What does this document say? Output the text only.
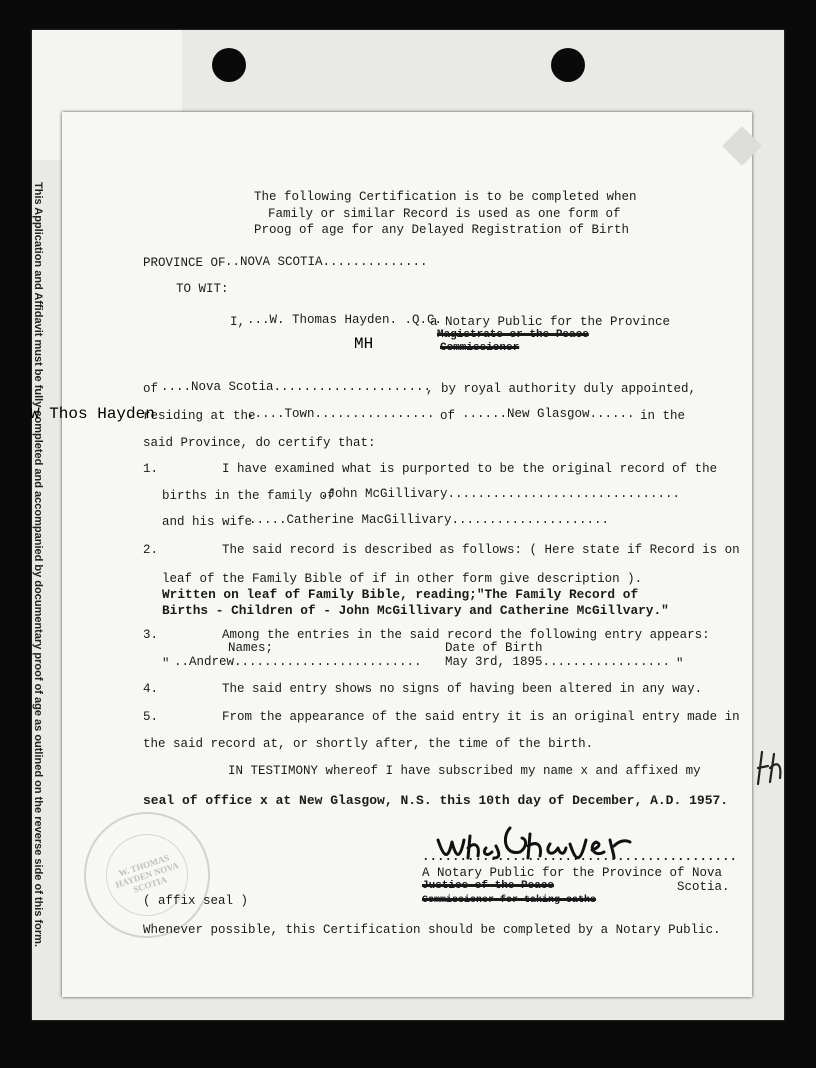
This Application and Affidavit must be fully completed and accompanied by documentary proof of age as outlined on the reverse side of this form.	The following Certification is to be completed when
Family or similar Record is used as one form of
Proog of age for any Delayed Registration of Birth
PROVINCE OF ..NOVA SCOTIA..............
TO WIT:
I, ...W. Thomas Hayden. .Q.C.
a Notary Public for the Province
Magistrate or the Peace
Commissioner
of ....Nova Scotia.....................
, by royal authority duly appointed,
residing at the
.....Town................ of ......New Glasgow...... in the
said Province, do certify that:
1.	I have examined what is purported to be the original record of the
births in the family of
.John McGillivary...............................
and his wife
.....Catherine MacGillivary.....................
2.	The said record is described as follows: ( Here state if Record is on
leaf of the Family Bible of if in other form give description ).
Written on leaf of Family Bible, reading;"The Family Record of
Births - Children of - John McGillivary and Catherine McGillvary."
3.	Among the entries in the said record the following entry appears:
Names;	Date of Birth
" ..Andrew......................... May 3rd, 1895................. "
4.	The said entry shows no signs of having been altered in any way.
5.	From the appearance of the said entry it is an original entry made in
the said record at, or shortly after, the time of the birth.
IN TESTIMONY whereof I have subscribed my name x and affixed my
seal of office x at New Glasgow, N.S. this 10th day of December, A.D. 1957.
W Thos Hayden
..........................................
A Notary Public for the Province of Nova
Scotia.
Justice of the Peace
Commissioner for taking oaths
W. THOMAS HAYDEN NOVA SCOTIA
( affix seal )
Whenever possible, this Certification should be completed by a Notary Public.
MH
